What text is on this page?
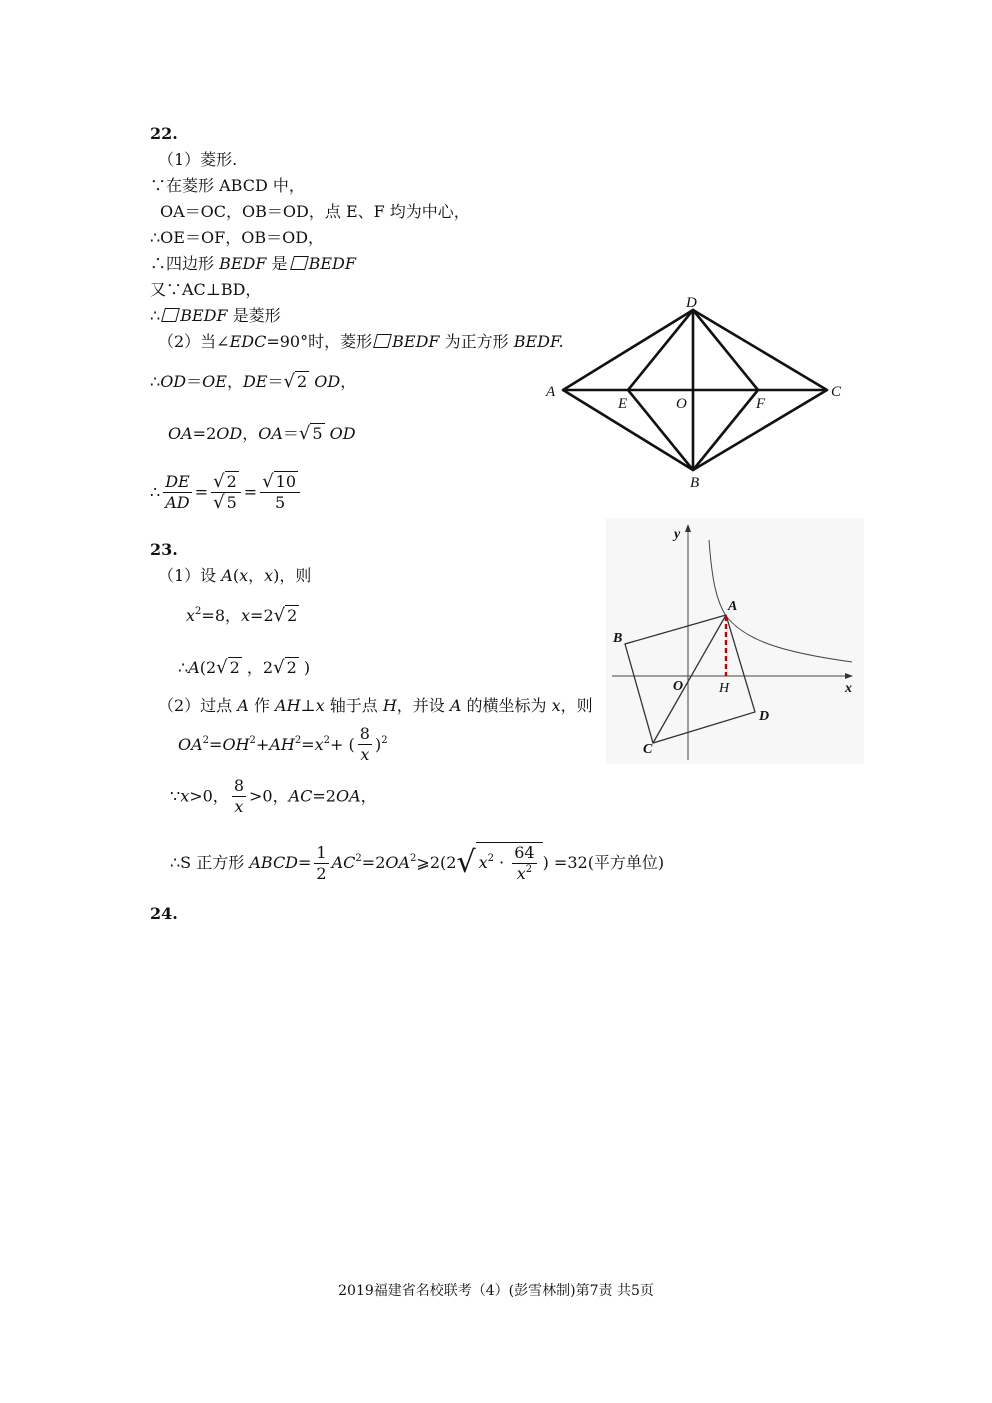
22.
（1）菱形.
∵在菱形 ABCD 中，
OA＝OC，OB＝OD，点 E、F 均为中心，
∴OE＝OF，OB＝OD，
∴四边形 BEDF 是 BEDF
又∵AC⊥BD，
∴ BEDF 是菱形
（2）当∠EDC=90°时，菱形 BEDF 为正方形 BEDF.
∴OD＝OE，DE＝√ 2 OD，
OA=2OD，OA＝√ 5 OD
∴ $\frac{DE}{AD} = \frac{√ 2}{√ 5} = \frac{√ 10}{5}$
D
A	C
B
E	O	F
23.
（1）设 A(x，x)，则
$x^2=8$，x=2√ 2
∴A(2√ 2 ，2√ 2 )
（2）过点 A 作 AH⊥x 轴于点 H，并设 A 的横坐标为 x，则
$OA^2=OH^2+AH^2=x^2+$ ( $\frac{8}{x} )^2$
∵x>0， $\frac{8}{x} >0$，AC=2OA，
∴S 正方形 ABCD= $\frac{1}{2}$ $AC^2=2OA^2⩾2(2√$ $x^2 \cdot \frac{64}{x^2}$ ) =32(平方单位)
y
x
A
B
O	H
D
C
24.
2019福建省名校联考（4）(彭雪林制)第7责 共5页
